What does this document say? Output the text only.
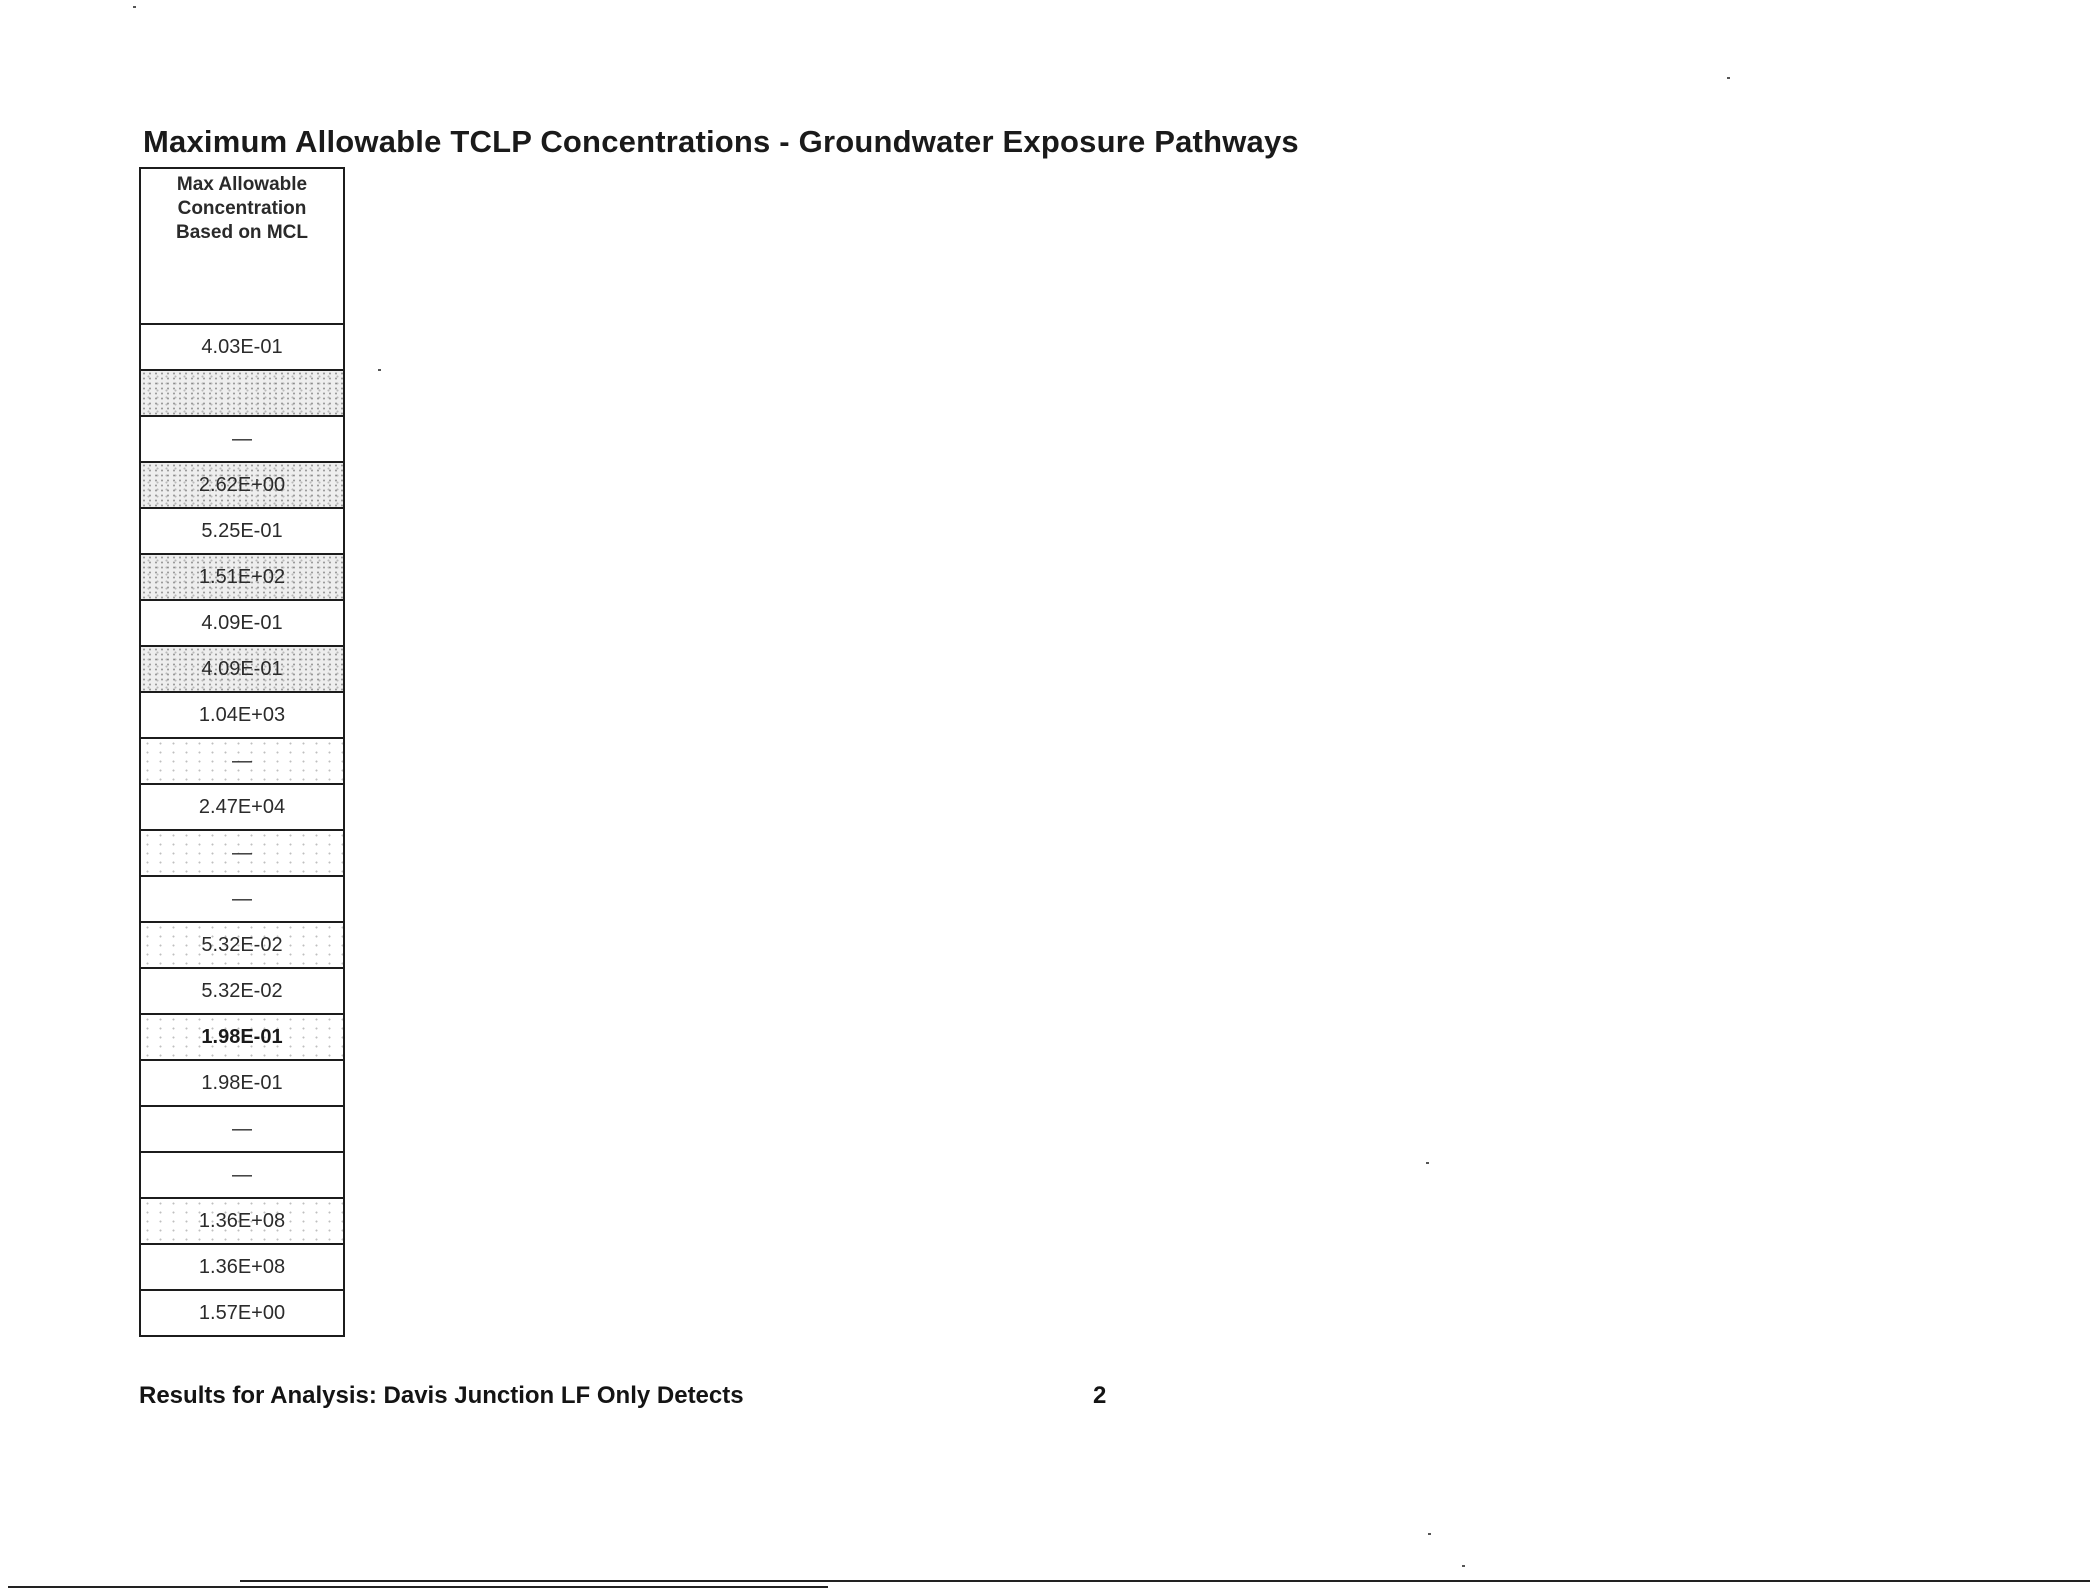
Maximum Allowable TCLP Concentrations - Groundwater Exposure Pathways
Max Allowable
Concentration
Based on MCL

4.03E-01

—
2.62E+00
5.25E-01
1.51E+02
4.09E-01
4.09E-01
1.04E+03
—
2.47E+04
—
—
5.32E-02
5.32E-02
1.98E-01
1.98E-01
—
—
1.36E+08
1.36E+08
1.57E+00
Results for Analysis: Davis Junction LF Only Detects	2
